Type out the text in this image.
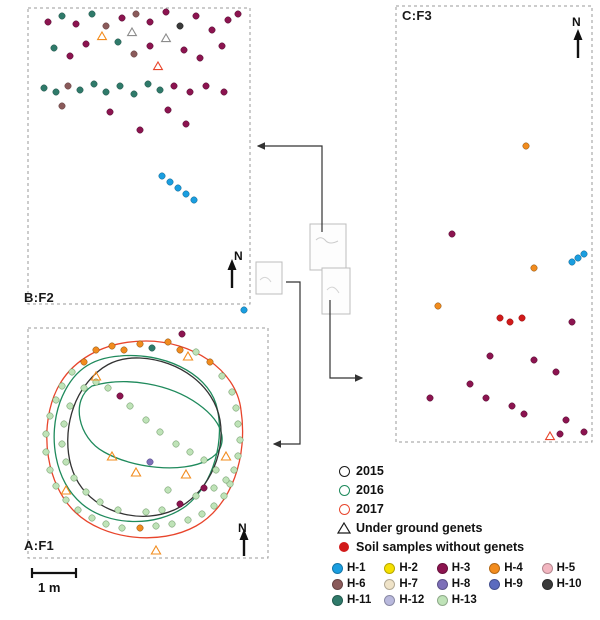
B:F2
A:F1
C:F3
N
N
N
1 m
2015
2016
2017
Under ground genets
Soil samples without genets
H-1	H-2	H-3	H-4	H-5
H-6	H-7	H-8	H-9	H-10
H-11 H-12 H-13
